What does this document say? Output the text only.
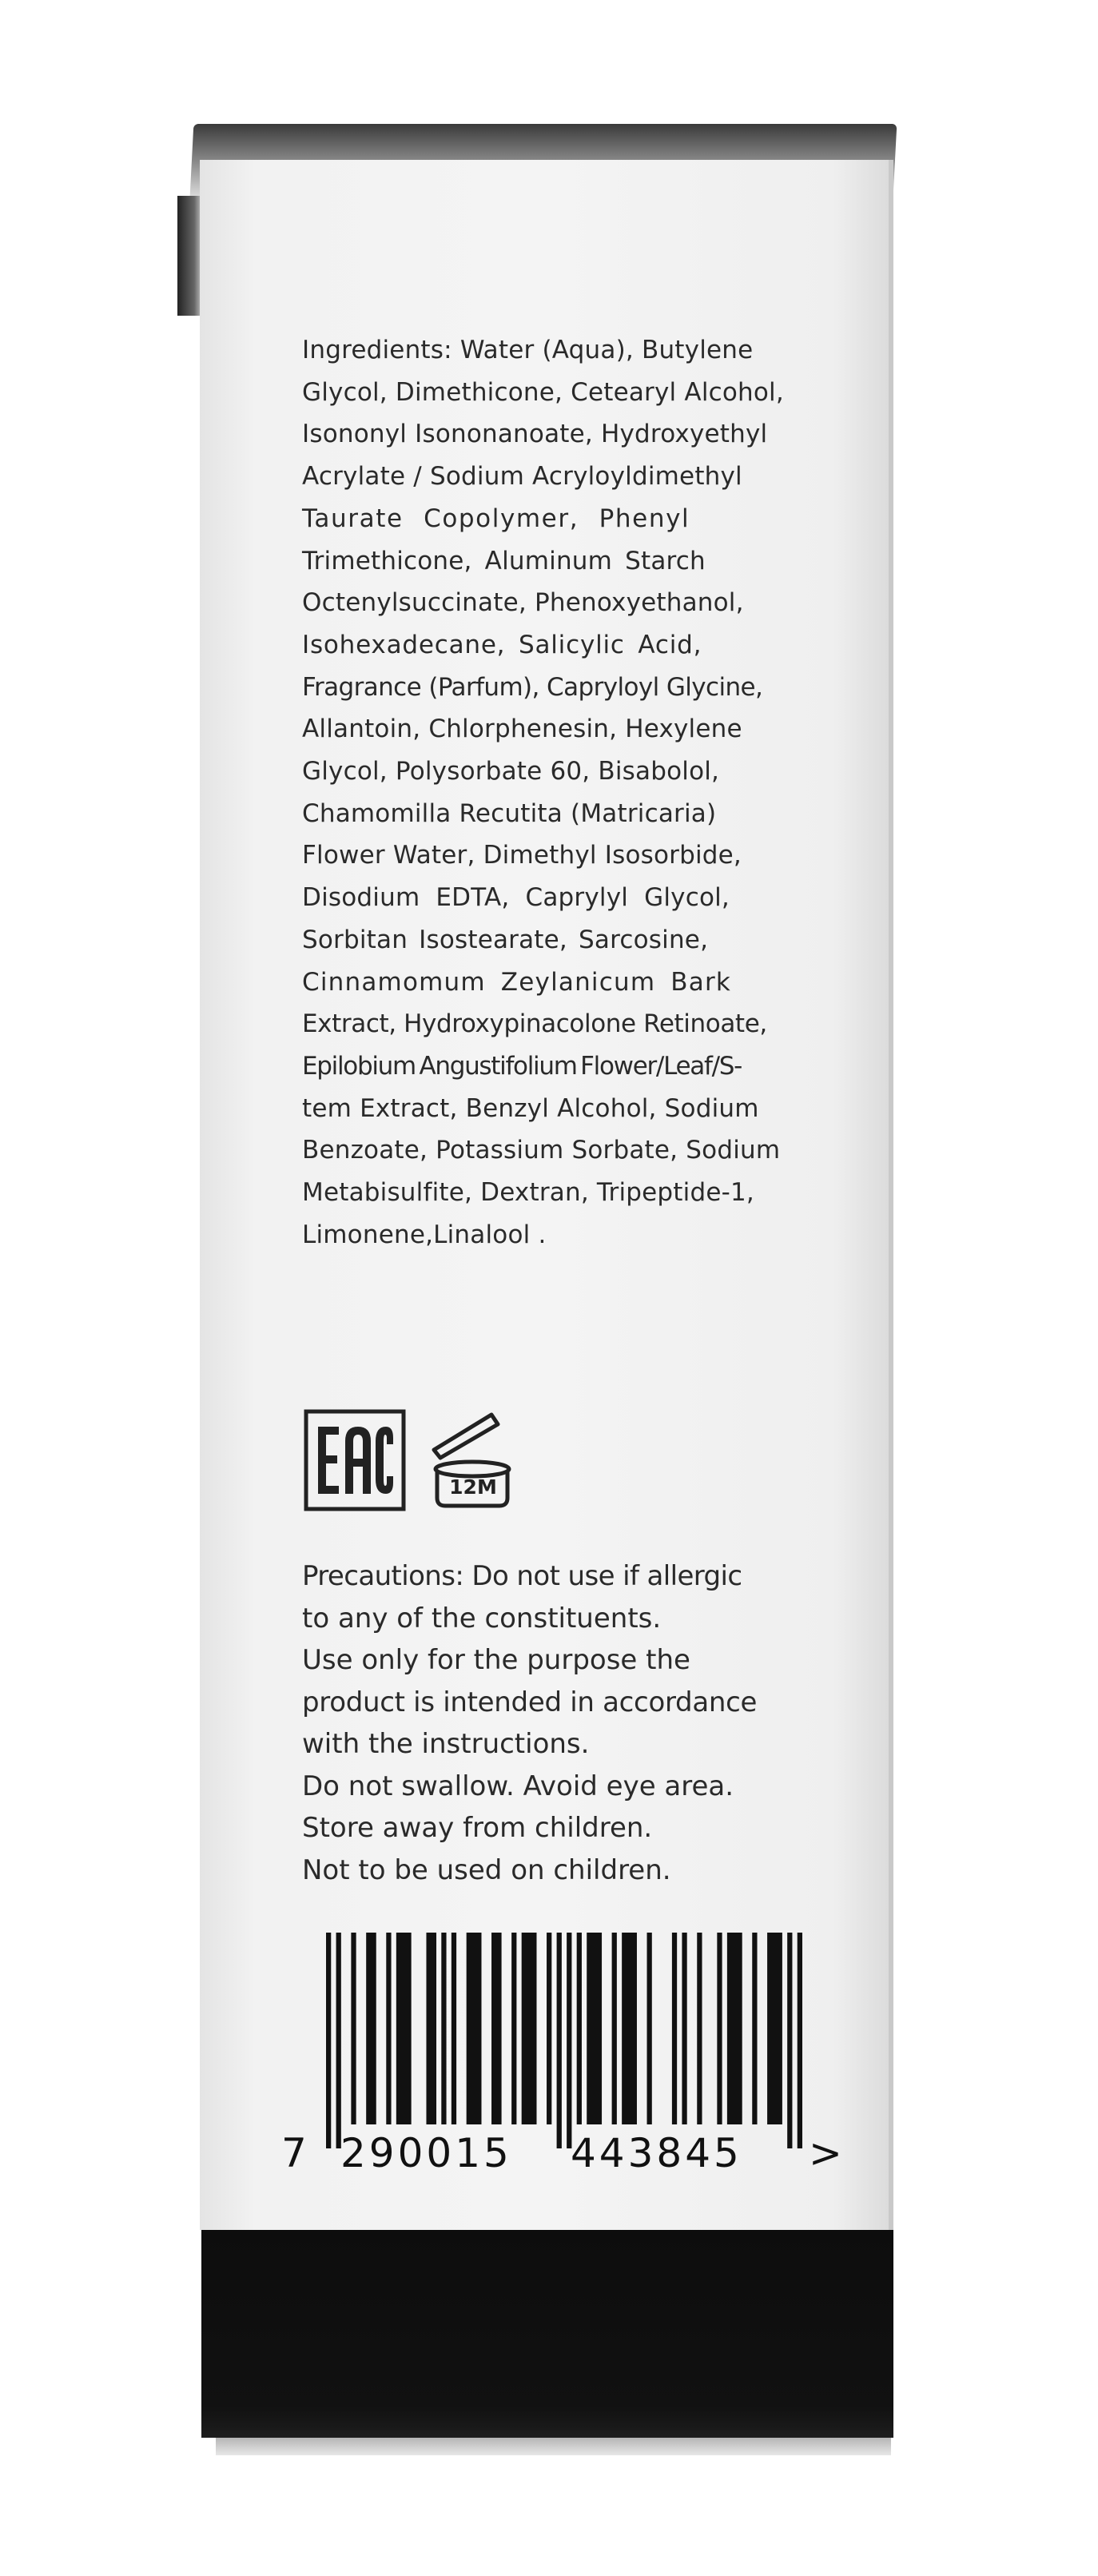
Ingredients: Water (Aqua), Butylene
Glycol, Dimethicone, Cetearyl Alcohol,
Isononyl Isononanoate, Hydroxyethyl
Acrylate / Sodium Acryloyldimethyl
Taurate Copolymer, Phenyl
Trimethicone, Aluminum Starch
Octenylsuccinate, Phenoxyethanol,
Isohexadecane, Salicylic Acid,
Fragrance (Parfum), Capryloyl Glycine,
Allantoin, Chlorphenesin, Hexylene
Glycol, Polysorbate 60, Bisabolol,
Chamomilla Recutita (Matricaria)
Flower Water, Dimethyl Isosorbide,
Disodium EDTA, Caprylyl Glycol,
Sorbitan Isostearate, Sarcosine,
Cinnamomum Zeylanicum Bark
Extract, Hydroxypinacolone Retinoate,
Epilobium Angustifolium Flower/Leaf/S-
tem Extract, Benzyl Alcohol, Sodium
Benzoate, Potassium Sorbate, Sodium
Metabisulfite, Dextran, Tripeptide-1,
Limonene,Linalool .
12M
Precautions: Do not use if allergic
to any of the constituents.
Use only for the purpose the
product is intended in accordance
with the instructions.
Do not swallow. Avoid eye area.
Store away from children.
Not to be used on children.
7 290015 443845 >
